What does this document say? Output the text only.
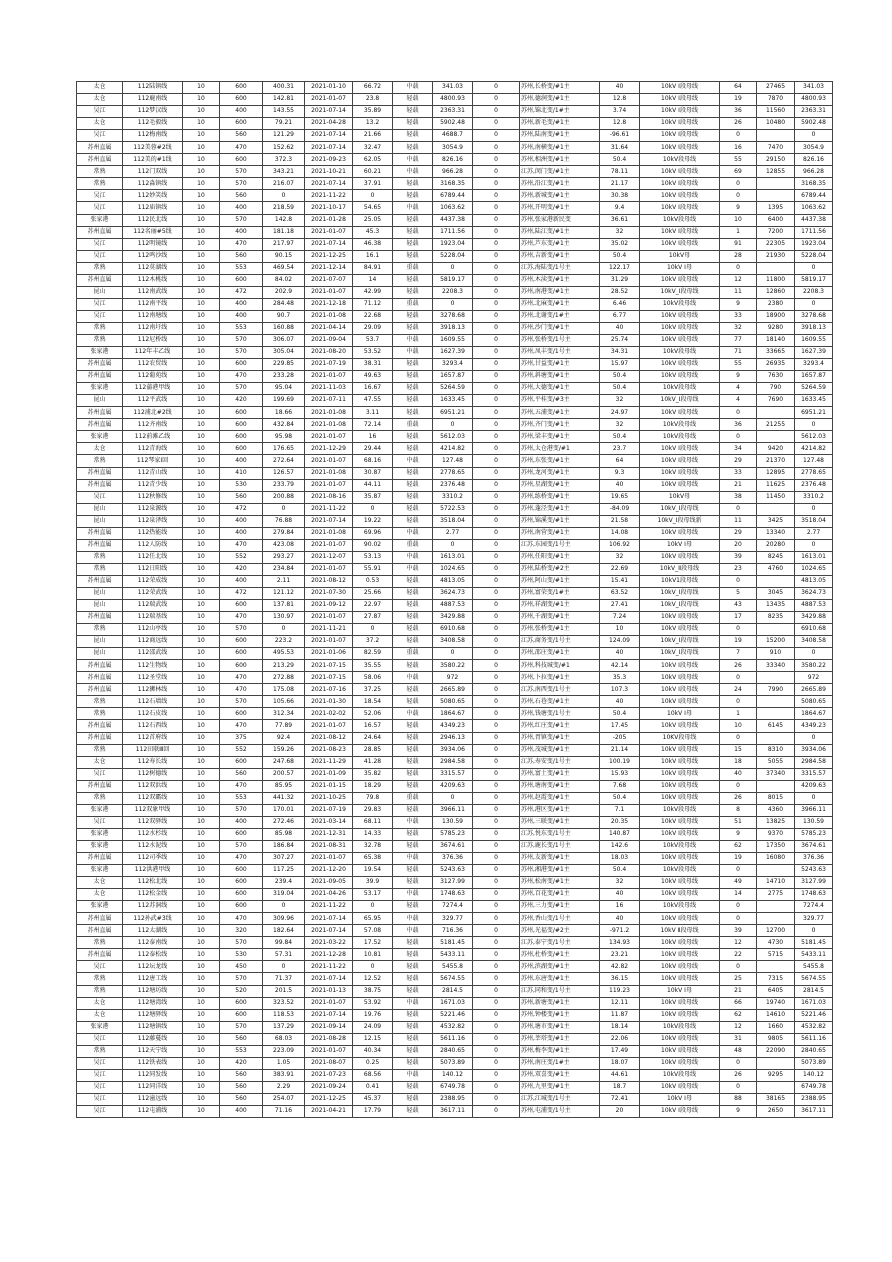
太仓	112陆镇线	10	600	400.31	2021-01-10	66.72	中载	341.03	0	苏州,长桥变/#1主	40	10kV Ⅰ段母线	64	27465	341.03
太仓	112鹿南线	10	600	142.81	2021-01-07	23.8	轻载	4800.93	0	苏州,德润变/#1主	12.8	10kV Ⅰ段母线	19	7870	4800.93
吴江	112梦汉线	10	400	143.55	2021-07-14	35.89	轻载	2363.31	0	苏州,锦北变/1#主	3.74	10kV Ⅰ段母线	36	11560	2363.31
太仓	112毛毅线	10	600	79.21	2021-04-28	13.2	轻载	5902.48	0	苏州,新毛变/#1主	12.8	10kV Ⅰ段母线	26	10480	5902.48
吴江	112梅南线	10	560	121.29	2021-07-14	21.66	轻载	4688.7	0	苏州,陆南变/#1主	-96.61	10kV Ⅰ段母线	0		0
苏州直属	112美蓉#2线	10	470	152.62	2021-07-14	32.47	轻载	3054.9	0	苏州,南横变/#1主	31.64	10kV Ⅰ段母线	16	7470	3054.9
苏州直属	112美的#1线	10	600	372.3	2021-09-23	62.05	中载	826.16	0	苏州,相洲变/#1主	50.4	10kV段母线	55	29150	826.16
常熟	112门双线	10	570	343.21	2021-10-21	60.21	中载	966.28	0	江苏,闵门变/#1主	78.11	10kV Ⅰ段母线	69	12855	966.28
常熟	112淼镇线	10	570	216.07	2021-07-14	37.91	轻载	3168.35	0	苏州,沿江变/#1主	21.17	10kV Ⅰ段母线	0		3168.35
吴江	112妙笑线	10	560	0	2021-11-22	0	轻载	6789.44	0	苏州,新城变/#1主	30.38	10kV Ⅰ段母线	0		6789.44
吴江	112庙镇线	10	400	218.59	2021-10-17	54.65	中载	1063.62	0	苏州,开明变/#1主	9.4	10kV Ⅰ段母线	9	1395	1063.62
张家港	112民北线	10	570	142.8	2021-01-28	25.05	轻载	4437.38	0	苏州,张家港新民变	36.61	10kV段母线	10	6400	4437.38
苏州直属	112名丽#5线	10	400	181.18	2021-01-07	45.3	轻载	1711.56	0	苏州,陆江变/#1主	32	10kV Ⅰ段母线	1	7200	1711.56
吴江	112明镜线	10	470	217.97	2021-07-14	46.38	轻载	1923.04	0	苏州,芦东变/#1主	35.02	10kV Ⅰ段母线	91	22305	1923.04
吴江	112鸣沙线	10	560	90.15	2021-12-25	16.1	轻载	5228.04	0	苏州,吉新变/#1主	50.4	10kV母	28	21930	5228.04
常熟	112莫湖线	10	553	469.54	2021-12-14	84.91	重载	0	0	江苏,海陆变/1号主	122.17	10kV Ⅰ母	0		0
苏州直属	112木桃线	10	600	84.02	2021-07-07	14	轻载	5819.17	0	苏州,木渎变/#1主	31.29	10kV Ⅰ段母线	12	11800	5819.17
昆山	112南武线	10	472	202.9	2021-01-07	42.99	轻载	2208.3	0	苏州,南港变/#1主	28.52	10kV_Ⅰ段母线	11	12860	2208.3
吴江	112南平线	10	400	284.48	2021-12-18	71.12	重载	0	0	苏州,北麻变/#1主	6.46	10kV段母线	9	2380	0
吴江	112南塘线	10	400	90.7	2021-01-08	22.68	轻载	3278.68	0	苏州,北谢变/1#主	6.77	10kV Ⅰ段母线	33	18900	3278.68
常熟	112南圩线	10	553	160.88	2021-04-14	29.09	轻载	3918.13	0	苏州,沙门变/#1主	40	10kV Ⅰ段母线	32	9280	3918.13
常熟	112尼桥线	10	570	306.07	2021-09-04	53.7	中载	1609.55	0	苏州,张桥变/1号主	25.74	10kV Ⅰ段母线	77	18140	1609.55
张家港	112年丰乙线	10	570	305.04	2021-08-20	53.52	中载	1627.39	0	苏州,凤丰变/1号主	34.31	10kV段母线	71	33665	1627.39
苏州直属	112农贸线	10	600	229.85	2021-07-19	38.31	轻载	3293.4	0	苏州,甘益变/#1主	15.97	10kV Ⅰ段母线	55	26935	3293.4
苏州直属	112葡苑线	10	470	233.28	2021-01-07	49.63	轻载	1657.87	0	苏州,斜塘变/#1主	50.4	10kV Ⅰ段母线	9	7630	1657.87
张家港	112蒲港甲线	10	570	95.04	2021-11-03	16.67	轻载	5264.59	0	苏州,大德变/#1主	50.4	10kV段母线	4	790	5264.59
昆山	112平武线	10	420	199.69	2021-07-11	47.55	轻载	1633.45	0	苏州,平桂变/#3主	32	10kV_Ⅰ段母线	4	7690	1633.45
苏州直属	112浦北#2线	10	600	18.66	2021-01-08	3.11	轻载	6951.21	0	苏州,五浦变/#1主	24.97	10kV Ⅰ段母线	0		6951.21
苏州直属	112齐南线	10	600	432.84	2021-01-08	72.14	重载	0	0	苏州,齐门变/#1主	32	10kV段母线	36	21255	0
张家港	112前滩乙线	10	600	95.98	2021-01-07	16	轻载	5612.03	0	苏州,梁丰变/#1主	50.4	10kV段母线	0		5612.03
太仓	112青海线	10	600	176.65	2021-12-29	29.44	轻载	4214.82	0	苏州,太仓港变/#1	23.7	10kV Ⅰ段母线	34	9420	4214.82
常熟	112琴家Ⅰ回	10	400	272.64	2021-01-07	68.16	中载	127.48	0	苏州,东张变/#1主	64	10kV Ⅰ段母线	29	21370	127.48
苏州直属	112青山线	10	410	126.57	2021-01-08	30.87	轻载	2778.65	0	苏州,龙河变/#1主	9.3	10kV Ⅰ段母线	33	12895	2778.65
苏州直属	112青少线	10	530	233.79	2021-01-07	44.11	轻载	2376.48	0	苏州,星湖变/#1主	40	10kV Ⅰ段母线	21	11625	2376.48
吴江	112秋修线	10	560	200.88	2021-08-16	35.87	轻载	3310.2	0	苏州,练桥变/#1主	19.65	10kV母	38	11450	3310.2
昆山	112泉源线	10	472	0	2021-11-22	0	轻载	5722.53	0	苏州,蓬泾变/#1主	-84.09	10kV_Ⅰ段母线	0		0
昆山	112泉泽线	10	400	76.88	2021-07-14	19.22	轻载	3518.04	0	苏州,锦溪变/#1主	21.58	10kV_Ⅰ段母线新	11	3425	3518.04
苏州直属	112热能线	10	400	279.84	2021-01-08	69.96	中载	2.77	0	苏州,南营变/#1主	14.08	10kV Ⅰ段母线	29	13340	2.77
苏州直属	112人防线	10	470	423.08	2021-01-07	90.02	重载	0	0	江苏,东园变/1号主	106.92	10kV Ⅰ母	20	20280	0
常熟	112任北线	10	552	293.27	2021-12-07	53.13	中载	1613.01	0	苏州,任阳变/#1主	32	10kV Ⅰ段母线	39	8245	1613.01
常熟	112日阳线	10	420	234.84	2021-01-07	55.91	中载	1024.65	0	苏州,陆桥变/#2主	22.69	10kV_Ⅱ段母线	23	4760	1024.65
苏州直属	112荣成线	10	400	2.11	2021-08-12	0.53	轻载	4813.05	0	苏州,阿山变/#1主	15.41	10kV1段母线	0		4813.05
昆山	112荣武线	10	472	121.12	2021-07-30	25.66	轻载	3624.73	0	苏州,富荣变/1#主	63.52	10kV_Ⅰ段母线	5	3045	3624.73
昆山	112瑞武线	10	600	137.81	2021-09-12	22.97	轻载	4887.53	0	苏州,祥湖变/#1主	27.41	10kV_Ⅰ段母线	43	13435	4887.53
苏州直属	112瑞基线	10	470	130.97	2021-01-07	27.87	轻载	3429.88	0	苏州,千湖变/#1主	7.24	10kV Ⅰ段母线	17	8235	3429.88
常熟	112山亭线	10	570	0	2021-11-21	0	轻载	6910.68	0	苏州,张桥变/#1主	10	10kV Ⅰ段母线	0		6910.68
昆山	112商远线	10	600	223.2	2021-01-07	37.2	轻载	3408.58	0	江苏,商务变/1号主	124.09	10kV_Ⅰ段母线	19	15200	3408.58
昆山	112邵武线	10	600	495.53	2021-01-06	82.59	重载	0	0	苏州,邵庄变/#1主	40	10kV_Ⅰ段母线	7	910	0
苏州直属	112生物线	10	600	213.29	2021-07-15	35.55	轻载	3580.22	0	苏州,科技城变/#1	42.14	10kV Ⅰ段母线	26	33340	3580.22
苏州直属	112圣堂线	10	470	272.88	2021-07-15	58.06	中载	972	0	苏州,卜拉变/#1主	35.3	10kV Ⅰ段母线	0		972
苏州直属	112狮林线	10	470	175.08	2021-07-16	37.25	轻载	2665.89	0	江苏,南西变/1号主	107.3	10kV Ⅰ段母线	24	7990	2665.89
常熟	112石墙线	10	570	105.66	2021-01-30	18.54	轻载	5080.65	0	苏州,石巷变/#1主	40	10kV Ⅰ段母线	0		5080.65
常熟	112石皮线	10	600	312.34	2021-02-02	52.06	中载	1864.67	0	苏州,钱塘变/1号主	50.4	10kV Ⅰ母	1		1864.67
苏州直属	112石西线	10	470	77.89	2021-01-07	16.57	轻载	4349.23	0	苏州,红庄变/#1主	17.45	10kV Ⅰ段母线	10	6145	4349.23
苏州直属	112首府线	10	375	92.4	2021-08-12	24.64	轻载	2946.13	0	苏州,胥镇变/#1主	-205	10KV段母线	0		0
常熟	112田联Ⅲ回	10	552	159.26	2021-08-23	28.85	轻载	3934.06	0	苏州,茂城变/#1主	21.14	10kV Ⅰ段母线	15	8310	3934.06
太仓	112寿长线	10	600	247.68	2021-11-29	41.28	轻载	2984.58	0	江苏,寿安变/1号主	100.19	10kV Ⅰ段母线	18	5055	2984.58
吴江	112树德线	10	560	200.57	2021-01-09	35.82	轻载	3315.57	0	苏州,富土变/#1主	15.93	10kV Ⅰ段母线	40	37340	3315.57
苏州直属	112双浜线	10	470	85.95	2021-01-15	18.29	轻载	4209.63	0	苏州,塘南变/#1主	7.68	10kV Ⅰ段母线	0		4209.63
常熟	112双霸线	10	553	441.32	2021-10-25	79.8	重载	0	0	苏州,赵霞变/#1主	50.4	10kV Ⅰ段母线	26	8015	0
张家港	112双象甲线	10	570	170.01	2021-07-19	29.83	轻载	3966.11	0	苏州,港区变/#1主	7.1	10kV段母线	8	4360	3966.11
吴江	112双驿线	10	400	272.46	2021-03-14	68.11	中载	130.59	0	苏州,三联变/#1主	20.35	10kV Ⅰ段母线	51	13825	130.59
张家港	112水杉线	10	600	85.98	2021-12-31	14.33	轻载	5785.23	0	江苏,悦东变/1号主	140.87	10kV Ⅰ段母线	9	9370	5785.23
张家港	112水泥线	10	570	186.84	2021-08-31	32.78	轻载	3674.61	0	江苏,鹿长变/1号主	142.6	10kV段母线	62	17350	3674.61
苏州直属	112司季线	10	470	307.27	2021-01-07	65.38	中载	376.36	0	苏州,友新变/#1主	18.03	10kV Ⅰ段母线	19	16080	376.36
张家港	112洪港甲线	10	600	117.25	2021-12-20	19.54	轻载	5243.63	0	苏州,湘港变/#1主	50.4	10kV段母线	0		5243.63
太仓	112松北线	10	600	239.4	2021-09-05	39.9	轻载	3127.99	0	苏州,松南变/#1主	32	10kV Ⅰ段母线	49	14710	3127.99
太仓	112松金线	10	600	319.04	2021-04-26	53.17	中载	1748.63	0	苏州,百花变/#1主	40	10kV Ⅰ段母线	14	2775	1748.63
张家港	112苏洞线	10	600	0	2021-11-22	0	轻载	7274.4	0	苏州,三力变/#1主	16	10kV段母线	0		7274.4
苏州直属	112孙武#3线	10	470	309.96	2021-07-14	65.95	中载	329.77	0	苏州,香山变/1号主	40	10kV Ⅰ段母线	0		329.77
苏州直属	112太湖线	10	320	182.64	2021-07-14	57.08	中载	716.36	0	苏州,光福变/#2主	-971.2	10kV Ⅱ段母线	39	12700	0
常熟	112泰南线	10	570	99.84	2021-03-22	17.52	轻载	5181.45	0	江苏,泰宁变/1号主	134.93	10kV Ⅰ段母线	12	4730	5181.45
苏州直属	112泰松线	10	530	57.31	2021-12-28	10.81	轻载	5433.11	0	苏州,杜桥变/#1主	23.21	10kV Ⅰ段母线	22	5715	5433.11
吴江	112坛龙线	10	450	0	2021-11-22	0	轻载	5455.8	0	苏州,滨湖变/#1主	42.82	10kV Ⅰ段母线	0		5455.8
常熟	112唐工线	10	570	71.37	2021-07-14	12.52	轻载	5674.55	0	苏州,东唐变/#1主	36.15	10kV Ⅰ段母线	25	7315	5674.55
常熟	112塘坊线	10	520	201.5	2021-01-13	38.75	轻载	2814.5	0	江苏,同和变/1号主	119.23	10kV Ⅰ母	21	6405	2814.5
太仓	112塘湾线	10	600	323.52	2021-01-07	53.92	中载	1671.03	0	苏州,新塘变/#1主	12.11	10kV Ⅰ段母线	66	19740	1671.03
太仓	112塘驿线	10	600	118.53	2021-07-14	19.76	轻载	5221.46	0	苏州,钟楼变/#1主	11.87	10kV Ⅰ段母线	62	14610	5221.46
张家港	112塘镇线	10	570	137.29	2021-09-14	24.09	轻载	4532.82	0	苏州,塘市变/#1主	18.14	10kV段母线	12	1660	4532.82
吴江	112藤蔓线	10	560	68.03	2021-08-28	12.15	轻载	5611.16	0	苏州,莘塔变/#1主	22.06	10kV Ⅰ段母线	31	9805	5611.16
常熟	112天宁线	10	553	223.09	2021-01-07	40.34	轻载	2840.65	0	苏州,梅李变/#1主	17.49	10kV Ⅰ段母线	48	22090	2840.65
吴江	112铁表线	10	420	1.05	2021-08-07	0.25	轻载	5073.89	0	苏州,南庄变/1#主	18.07	10kV Ⅰ段母线	0		5073.89
吴江	112同发线	10	560	383.91	2021-07-23	68.56	中载	140.12	0	苏州,双喜变/#1主	44.61	10kV段母线	26	9295	140.12
吴江	112同洋线	10	560	2.29	2021-09-24	0.41	轻载	6749.78	0	苏州,九里变/#1主	18.7	10kV Ⅰ段母线	0		6749.78
吴江	112潼远线	10	560	254.07	2021-12-25	45.37	轻载	2388.95	0	江苏,江城变/1号主	72.41	10kV Ⅰ母	88	38165	2388.95
吴江	112屯浦线	10	400	71.16	2021-04-21	17.79	轻载	3617.11	0	苏州,屯浦变/1号主	20	10kV Ⅰ段母线	9	2650	3617.11
